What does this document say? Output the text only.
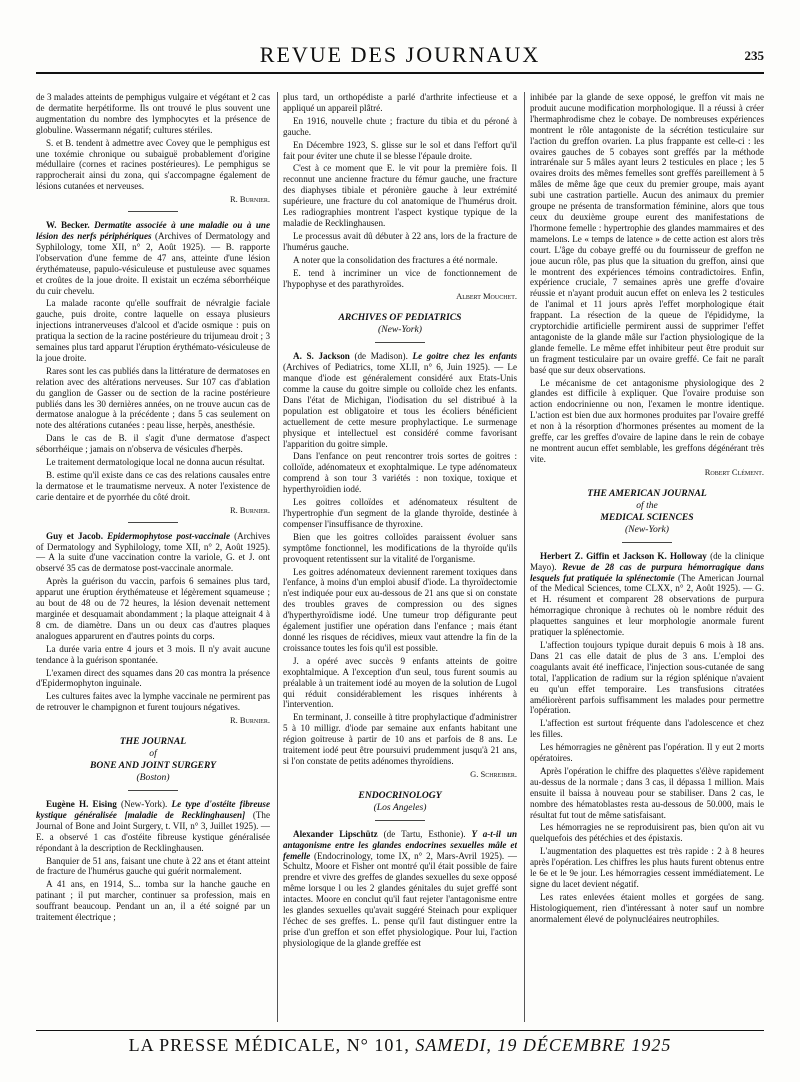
REVUE DES JOURNAUX	235

de 3 malades atteints de pemphigus vulgaire et végétant et 2 cas de dermatite herpétiforme. Ils ont trouvé le plus souvent une augmentation du nombre des lymphocytes et la présence de globuline. Wassermann négatif; cultures stériles.

S. et B. tendent à admettre avec Covey que le pemphigus est une toxémie chronique ou subaiguë probablement d'origine médullaire (cornes et racines postérieures). Le pemphigus se rapprocherait ainsi du zona, qui s'accompagne également de lésions cutanées et nerveuses.

R. Burnier.

W. Becker. Dermatite associée à une maladie ou à une lésion des nerfs périphériques (Archives of Dermatology and Syphilology, tome XII, n° 2, Août 1925). — B. rapporte l'observation d'une femme de 47 ans, atteinte d'une lésion érythémateuse, papulo-vésiculeuse et pustuleuse avec squames et croûtes de la joue droite. Il existait un eczéma séborrhéique du cuir chevelu.

La malade racontе qu'elle souffrait de névralgie faciale gauche, puis droite, contre laquelle on essaya plusieurs injections intranerveuses d'alcool et d'acide osmique : puis on pratiqua la section de la racine postérieure du trijumeau droit ; 3 semaines plus tard apparut l'éruption érythémato-vésiculeuse de la joue droite.

Rares sont les cas publiés dans la littérature de dermatoses en relation avec des altérations nerveuses. Sur 107 cas d'ablation du ganglion de Gasser ou de section de la racine postérieure publiés dans les 30 dernières années, on ne trouve aucun cas de dermatose analogue à la précédente ; dans 5 cas seulement on note des altérations cutanées : peau lisse, herpès, anesthésie.

Dans le cas de B. il s'agit d'une dermatose d'aspect séborrhéique ; jamais on n'observa de vésicules d'herpès.

Le traitement dermatologique local ne donna aucun résultat.

B. estime qu'il existe dans ce cas des relations causales entre la dermatose et le traumatisme nerveux. A noter l'existence de carie dentaire et de pyorrhée du côté droit.

R. Burnier.

Guy et Jacob. Epidermophytose post-vaccinale (Archives of Dermatology and Syphilology, tome XII, n° 2, Août 1925). — A la suite d'une vaccination contre la variole, G. et J. ont observé 35 cas de dermatose post-vaccinale anormale.

Après la guérison du vaccin, parfois 6 semaines plus tard, apparut une éruption érythémateuse et légèrement squameuse ; au bout de 48 ou de 72 heures, la lésion devenait nettement marginée et desquamait abondamment ; la plaque atteignait 4 à 8 cm. de diamètre. Dans un ou deux cas d'autres plaques analogues apparurent en d'autres points du corps.

La durée varia entre 4 jours et 3 mois. Il n'y avait aucune tendance à la guérison spontanée.

L'examen direct des squames dans 20 cas montra la présence d'Epidermophyton inguinale.

Les cultures faites avec la lymphe vaccinale ne permirent pas de retrouver le champignon et furent toujours négatives.

R. Burnier.

THE JOURNAL
of
BONE AND JOINT SURGERY
(Boston)

Eugène H. Eising (New-York). Le type d'ostéite fibreuse kystique généralisée [maladie de Recklinghausen] (The Journal of Bone and Joint Surgery, t. VII, n° 3, Juillet 1925). — E. a observé 1 cas d'ostéite fibreuse kystique généralisée répondant à la description de Recklinghausen.

Banquier de 51 ans, faisant une chute à 22 ans et étant atteint de fracture de l'humérus gauche qui guérit normalement.

A 41 ans, en 1914, S... tomba sur la hanche gauche en patinant ; il put marcher, continuer sa profession, mais en souffrant beaucoup. Pendant un an, il a été soigné par un traitement électrique ;

plus tard, un orthopédiste a parlé d'arthrite infectieuse et a appliqué un appareil plâtré.

En 1916, nouvelle chute ; fracture du tibia et du péroné à gauche.

En Décembre 1923, S. glisse sur le sol et dans l'effort qu'il fait pour éviter une chute il se blesse l'épaule droite.

C'est à ce moment que E. le vit pour la première fois. Il reconnut une ancienne fracture du fémur gauche, une fracture des diaphyses tibiale et péronière gauche à leur extrémité supérieure, une fracture du col anatomique de l'humérus droit. Les radiographies montrent l'aspect kystique typique de la maladie de Recklinghausen.

Le processus avait dû débuter à 22 ans, lors de la fracture de l'humérus gauche.

A noter que la consolidation des fractures a été normale.

E. tend à incriminer un vice de fonctionnement de l'hypophyse et des parathyroïdes.

Albert Mouchet.

ARCHIVES OF PEDIATRICS
(New-York)

A. S. Jackson (de Madison). Le goitre chez les enfants (Archives of Pediatrics, tome XLII, n° 6, Juin 1925). — Le manque d'iode est généralement considéré aux Etats-Unis comme la cause du goitre simple ou colloïde chez les enfants. Dans l'état de Michigan, l'iodisation du sel distribué à la population est obligatoire et tous les écoliers bénéficient actuellement de cette mesure prophylactique. Le surmenage physique et intellectuel est considéré comme favorisant l'apparition du goitre simple.

Dans l'enfance on peut rencontrer trois sortes de goitres : colloïde, adénomateux et exophtalmique. Le type adénomateux comprend à son tour 3 variétés : non toxique, toxique et hyperthyroïdien iodé.

Les goitres colloïdes et adénomateux résultent de l'hypertrophie d'un segment de la glande thyroïde, destinée à compenser l'insuffisance de thyroxine.

Bien que les goitres colloïdes paraissent évoluer sans symptôme fonctionnel, les modifications de la thyroïde qu'ils provoquent retentissent sur la vitalité de l'organisme.

Les goitres adénomateux deviennent rarement toxiques dans l'enfance, à moins d'un emploi abusif d'iode. La thyroïdectomie n'est indiquée pour eux au-dessous de 21 ans que si on constate des troubles graves de compression ou des signes d'hyperthyroïdisme iodé. Une tumeur trop défigurante peut également justifier une opération dans l'enfance ; mais étant donné les risques de récidives, mieux vaut attendre la fin de la croissance toutes les fois qu'il est possible.

J. a opéré avec succès 9 enfants atteints de goitre exophtalmique. A l'exception d'un seul, tous furent soumis au préalable à un traitement iodé au moyen de la solution de Lugol qui réduit considérablement les risques inhérents à l'intervention.

En terminant, J. conseille à titre prophylactique d'administrer 5 à 10 milligr. d'iode par semaine aux enfants habitant une région goitreuse à partir de 10 ans et parfois de 8 ans. Le traitement iodé peut être poursuivi prudemment jusqu'à 21 ans, si l'on constate de petits adénomes thyroïdiens.

G. Schreiber.

ENDOCRINOLOGY
(Los Angeles)

Alexander Lipschütz (de Tartu, Esthonie). Y a-t-il un antagonisme entre les glandes endocrines sexuelles mâle et femelle (Endocrinology, tome IX, n° 2, Mars-Avril 1925). — Schultz, Moore et Fisher ont montré qu'il était possible de faire prendre et vivre des greffes de glandes sexuelles du sexe opposé même lorsque l ou les 2 glandes génitales du sujet greffé sont intactes. Moore en conclut qu'il faut rejeter l'antagonisme entre les glandes sexuelles qu'avait suggéré Steinach pour expliquer l'échec de ses greffes. L. pense qu'il faut distinguer entre la prise d'un greffon et son effet physiologique. Pour lui, l'action physiologique de la glande greffée est

inhibée par la glande de sexe opposé, le greffon vit mais ne produit aucune modification morphologique. Il a réussi à créer l'hermaphrodisme chez le cobaye. De nombreuses expériences montrent le rôle antagoniste de la sécrétion testiculaire sur l'action du greffon ovarien. La plus frappante est celle-ci : les ovaires gauches de 5 cobayes sont greffés par la méthode intrarénale sur 5 mâles ayant leurs 2 testicules en place ; les 5 ovaires droits des mêmes femelles sont greffés pareillement à 5 mâles de même âge que ceux du premier groupe, mais ayant subi une castration partielle. Aucun des animaux du premier groupe ne présenta de transformation féminine, alors que tous ceux du deuxième groupe eurent des manifestations de l'hormone femelle : hypertrophie des glandes mammaires et des mamelons. Le « temps de latence » de cette action est alors très court. L'âge du cobaye greffé ou du fournisseur de greffon ne joue aucun rôle, pas plus que la situation du greffon, ainsi que le montrent des expériences témoins contradictoires. Enfin, expérience cruciale, 7 semaines après une greffe d'ovaire réussie et n'ayant produit aucun effet on enleva les 2 testicules de l'animal et 11 jours après l'effet morphologique était frappant. La résection de la queue de l'épididyme, la cryptorchidie artificielle permirent aussi de supprimer l'effet antagoniste de la glande mâle sur l'action physiologique de la glande femelle. Le même effet inhibiteur peut être produit sur un fragment testiculaire par un ovaire greffé. Ce fait ne paraît basé que sur deux observations.

Le mécanisme de cet antagonisme physiologique des 2 glandes est difficile à expliquer. Que l'ovaire produise son action endocrinienne ou non, l'examen le montre identique. L'action est bien due aux hormones produites par l'ovaire greffé et non à la résorption d'hormones présentes au moment de la greffe, car les greffes d'ovaire de lapine dans le rein de cobaye ne montrent aucun effet semblable, les greffons dégénérant très vite.

Robert Clément.

THE AMERICAN JOURNAL
of the
MEDICAL SCIENCES
(New-York)

Herbert Z. Giffin et Jackson K. Holloway (de la clinique Mayo). Revue de 28 cas de purpura hémorragique dans lesquels fut pratiquée la splénectomie (The American Journal of the Medical Sciences, tome CLXX, n° 2, Août 1925). — G. et H. résument et comparent 28 observations de purpura hémorragique chronique à rechutes où le nombre réduit des plaquettes sanguines et leur morphologie anormale furent pratiquer la splénectomie.

L'affection toujours typique durait depuis 6 mois à 18 ans. Dans 21 cas elle datait de plus de 3 ans. L'emploi des coagulants avait été inefficace, l'injection sous-cutanée de sang total, l'application de radium sur la région splénique n'avaient eu qu'un effet temporaire. Les transfusions citratées améliorèrent parfois suffisamment les malades pour permettre l'opération.

L'affection est surtout fréquente dans l'adolescence et chez les filles.

Les hémorragies ne gênèrent pas l'opération. Il y eut 2 morts opératoires.

Après l'opération le chiffre des plaquettes s'élève rapidement au-dessus de la normale ; dans 3 cas, il dépassa 1 million. Mais ensuite il baissa à nouveau pour se stabiliser. Dans 2 cas, le nombre des hématoblastes resta au-dessous de 50.000, mais le résultat fut tout de même satisfaisant.

Les hémorragies ne se reproduisirent pas, bien qu'on ait vu quelquefois des pétéchies et des épistaxis.

L'augmentation des plaquettes est très rapide : 2 à 8 heures après l'opération. Les chiffres les plus hauts furent obtenus entre le 6e et le 9e jour. Les hémorragies cessent immédiatement. Le signe du lacet devient négatif.

Les rates enlevées étaient molles et gorgées de sang. Histologiquement, rien d'intéressant à noter sauf un nombre anormalement élevé de polynucléaires neutrophiles.

LA PRESSE MÉDICALE, N° 101, SAMEDI, 19 DÉCEMBRE 1925
